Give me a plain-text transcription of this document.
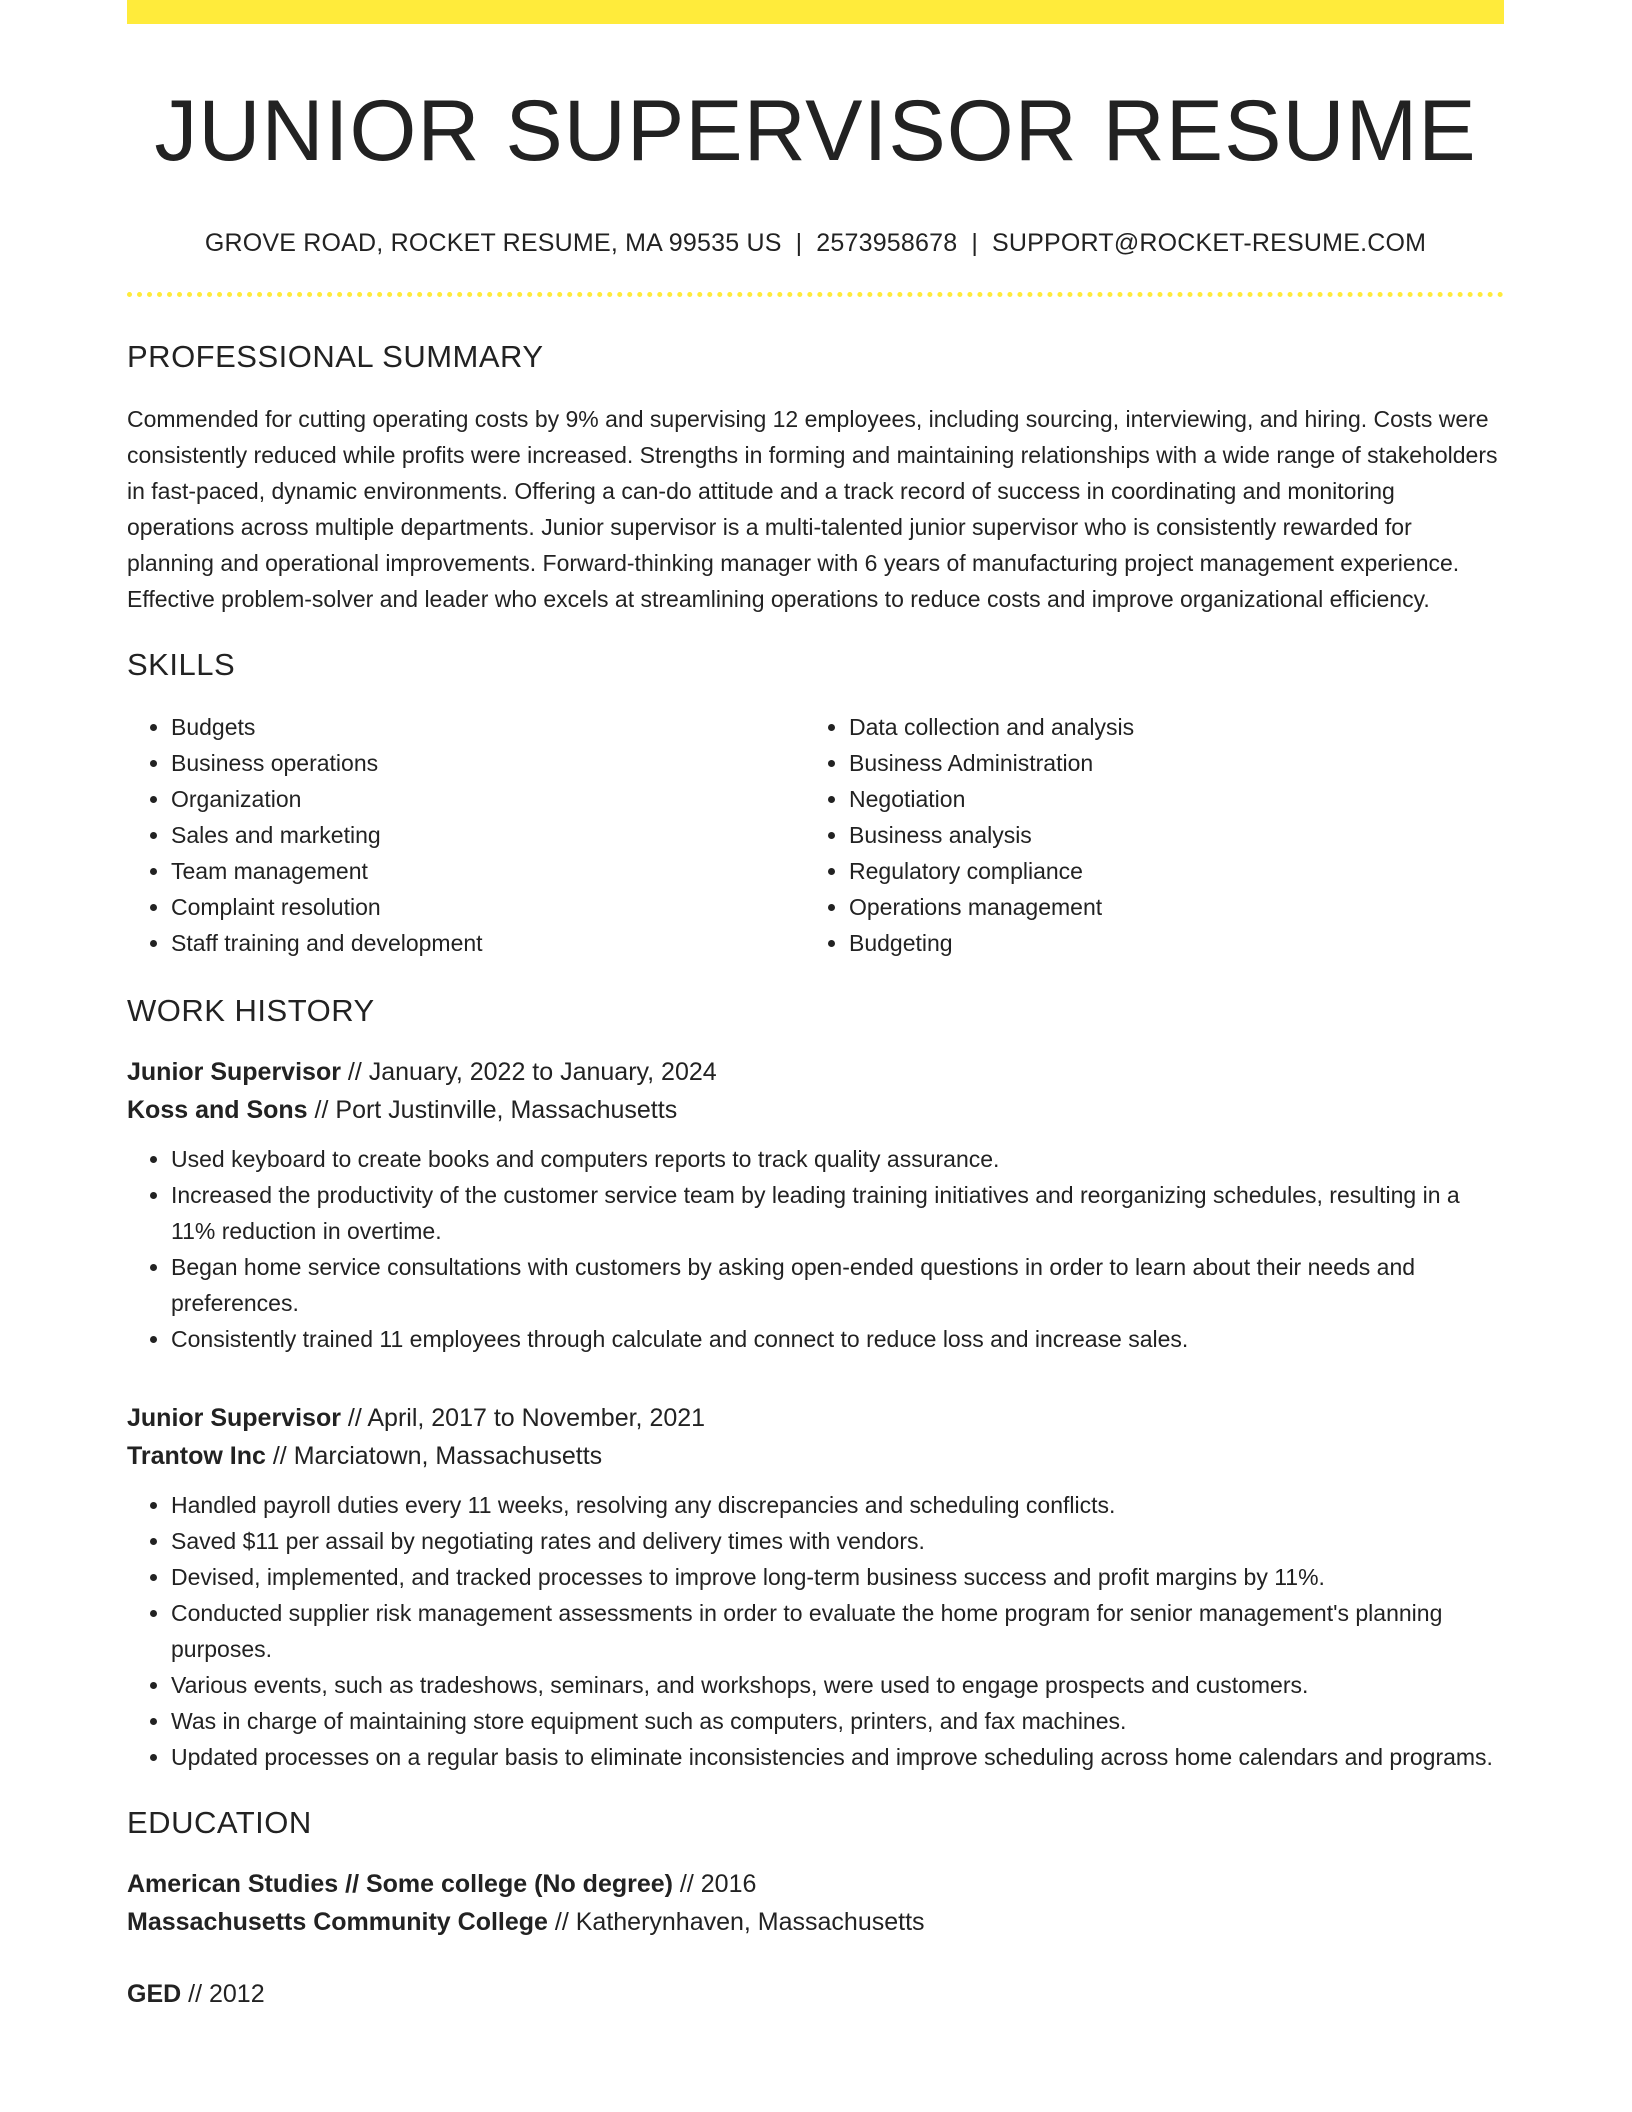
JUNIOR SUPERVISOR RESUME
GROVE ROAD, ROCKET RESUME, MA 99535 US | 2573958678 | SUPPORT@ROCKET-RESUME.COM
PROFESSIONAL SUMMARY
Commended for cutting operating costs by 9% and supervising 12 employees, including sourcing, interviewing, and hiring. Costs were consistently reduced while profits were increased. Strengths in forming and maintaining relationships with a wide range of stakeholders in fast-paced, dynamic environments. Offering a can-do attitude and a track record of success in coordinating and monitoring operations across multiple departments. Junior supervisor is a multi-talented junior supervisor who is consistently rewarded for planning and operational improvements. Forward-thinking manager with 6 years of manufacturing project management experience. Effective problem-solver and leader who excels at streamlining operations to reduce costs and improve organizational efficiency.
SKILLS
• Budgets
• Business operations
• Organization
• Sales and marketing
• Team management
• Complaint resolution
• Staff training and development
• Data collection and analysis
• Business Administration
• Negotiation
• Business analysis
• Regulatory compliance
• Operations management
• Budgeting
WORK HISTORY
Junior Supervisor // January, 2022 to January, 2024
Koss and Sons // Port Justinville, Massachusetts
• Used keyboard to create books and computers reports to track quality assurance.
• Increased the productivity of the customer service team by leading training initiatives and reorganizing schedules, resulting in a 11% reduction in overtime.
• Began home service consultations with customers by asking open-ended questions in order to learn about their needs and preferences.
• Consistently trained 11 employees through calculate and connect to reduce loss and increase sales.
Junior Supervisor // April, 2017 to November, 2021
Trantow Inc // Marciatown, Massachusetts
• Handled payroll duties every 11 weeks, resolving any discrepancies and scheduling conflicts.
• Saved $11 per assail by negotiating rates and delivery times with vendors.
• Devised, implemented, and tracked processes to improve long-term business success and profit margins by 11%.
• Conducted supplier risk management assessments in order to evaluate the home program for senior management's planning purposes.
• Various events, such as tradeshows, seminars, and workshops, were used to engage prospects and customers.
• Was in charge of maintaining store equipment such as computers, printers, and fax machines.
• Updated processes on a regular basis to eliminate inconsistencies and improve scheduling across home calendars and programs.
EDUCATION
American Studies // Some college (No degree) // 2016
Massachusetts Community College // Katherynhaven, Massachusetts
GED // 2012
